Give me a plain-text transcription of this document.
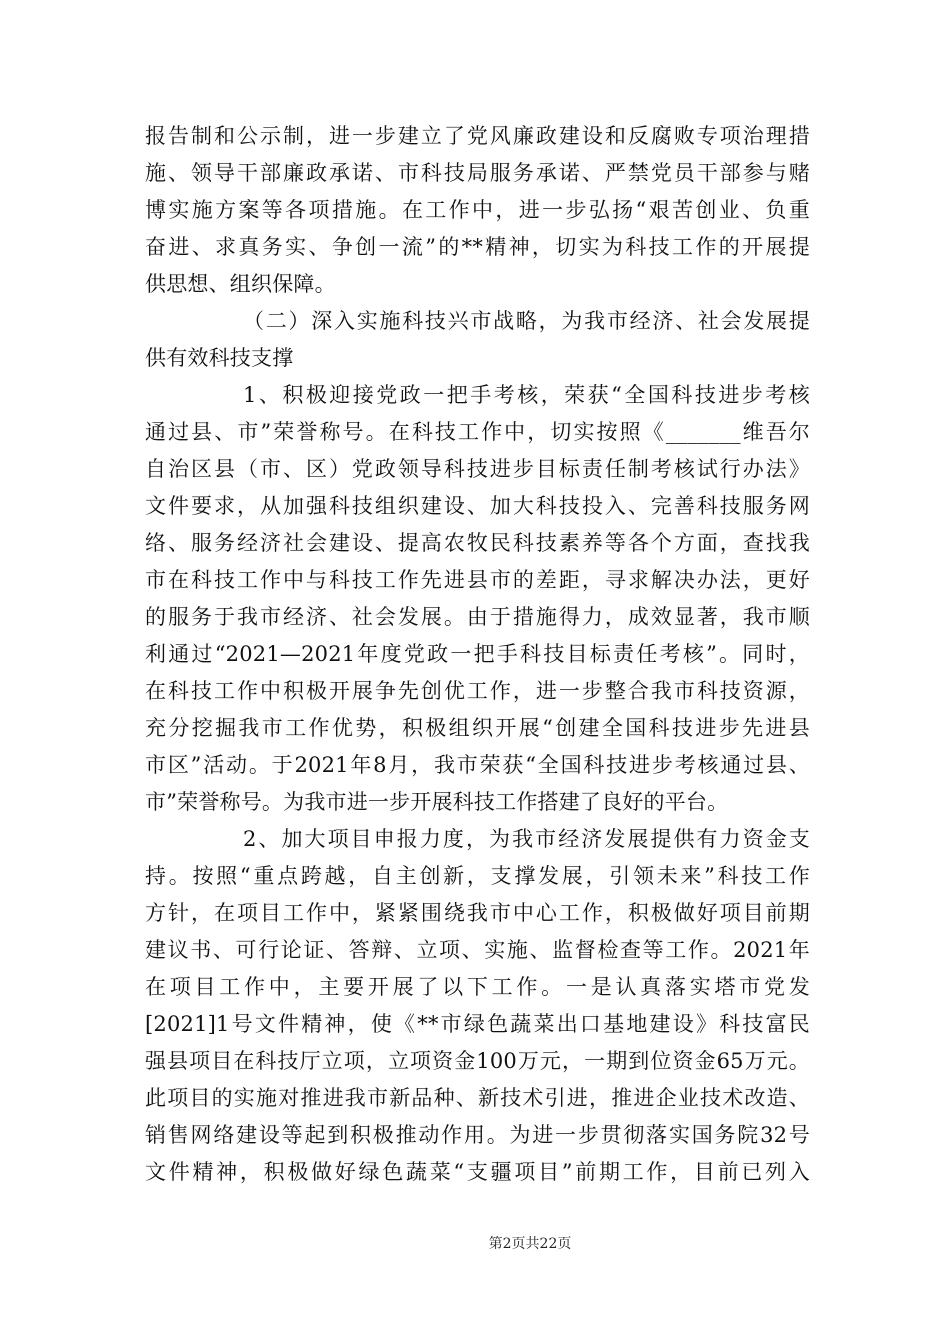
报告制和公示制，进一步建立了党风廉政建设和反腐败专项治理措
施、领导干部廉政承诺、市科技局服务承诺、严禁党员干部参与赌
博实施方案等各项措施。在工作中，进一步弘扬“艰苦创业、负重
奋进、求真务实、争创一流”的**精神，切实为科技工作的开展提
供思想、组织保障。
（二）深入实施科技兴市战略，为我市经济、社会发展提
供有效科技支撑
1、积极迎接党政一把手考核，荣获“全国科技进步考核
通过县、市”荣誉称号。在科技工作中，切实按照《_______维吾尔
自治区县（市、区）党政领导科技进步目标责任制考核试行办法》
文件要求，从加强科技组织建设、加大科技投入、完善科技服务网
络、服务经济社会建设、提高农牧民科技素养等各个方面，查找我
市在科技工作中与科技工作先进县市的差距，寻求解决办法，更好
的服务于我市经济、社会发展。由于措施得力，成效显著，我市顺
利通过“2021—2021年度党政一把手科技目标责任考核”。同时，
在科技工作中积极开展争先创优工作，进一步整合我市科技资源，
充分挖掘我市工作优势，积极组织开展“创建全国科技进步先进县
市区”活动。于2021年8月，我市荣获“全国科技进步考核通过县、
市”荣誉称号。为我市进一步开展科技工作搭建了良好的平台。
2、加大项目申报力度，为我市经济发展提供有力资金支
持。按照“重点跨越，自主创新，支撑发展，引领未来”科技工作
方针，在项目工作中，紧紧围绕我市中心工作，积极做好项目前期
建议书、可行论证、答辩、立项、实施、监督检查等工作。2021年
在项目工作中，主要开展了以下工作。一是认真落实塔市党发
[2021]1号文件精神，使《**市绿色蔬菜出口基地建设》科技富民
强县项目在科技厅立项，立项资金100万元，一期到位资金65万元。
此项目的实施对推进我市新品种、新技术引进，推进企业技术改造、
销售网络建设等起到积极推动作用。为进一步贯彻落实国务院32号
文件精神，积极做好绿色蔬菜“支疆项目”前期工作，目前已列入
第2页共22页
